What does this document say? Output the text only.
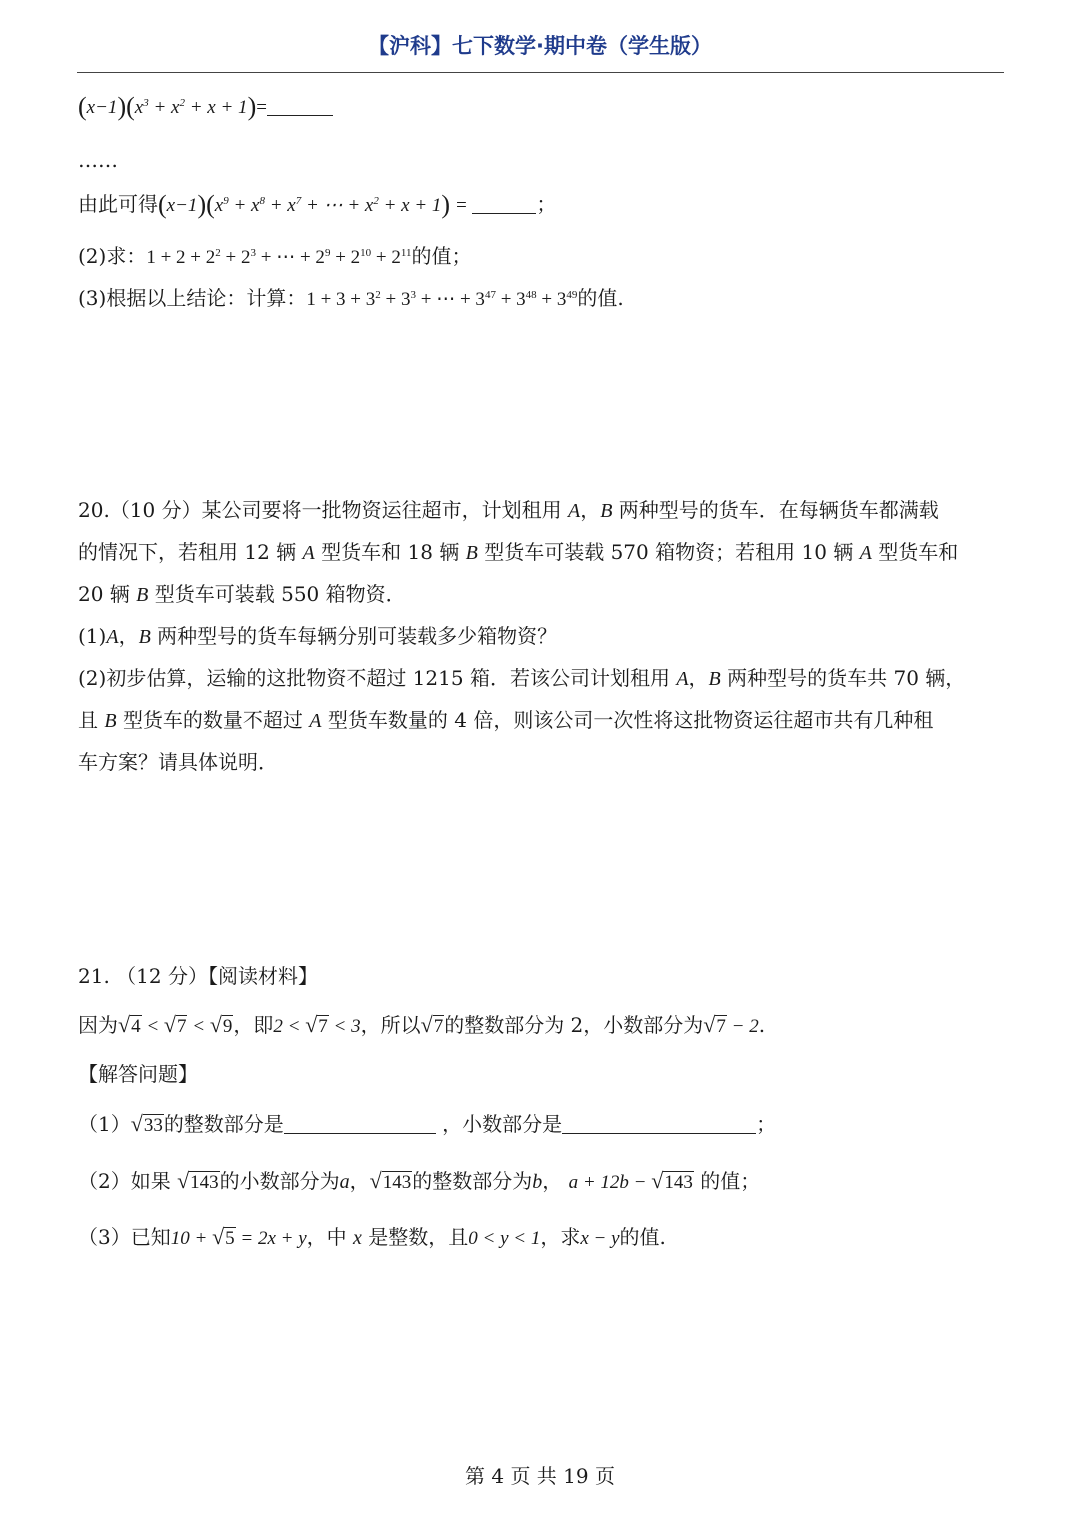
【沪科】七下数学·期中卷（学生版）
$(x-1)(x^3 + x^2 + x + 1)=$
……
由此可得$(x-1)(x^9 + x^8 + x^7$ + ⋯ + $x^2 + x + 1$) =	；
(2)求：$1 + 2 + 2^2 + 2^3$ + ⋯ + $2^9 + 2^{10} + 2^{11}$的值；
(3)根据以上结论：计算：$1 + 3 + 3^2 + 3^3$ + ⋯ + $3^{47} + 3^{48} + 3^{49}$的值.
20.（10 分）某公司要将一批物资运往超市，计划租用 A，B 两种型号的货车．在每辆货车都满载
的情况下，若租用 12 辆 A 型货车和 18 辆 B 型货车可装载 570 箱物资；若租用 10 辆 A 型货车和
20 辆 B 型货车可装载 550 箱物资．
(1)A，B 两种型号的货车每辆分别可装载多少箱物资？
(2)初步估算，运输的这批物资不超过 1215 箱．若该公司计划租用 A，B 两种型号的货车共 70 辆，
且 B 型货车的数量不超过 A 型货车数量的 4 倍，则该公司一次性将这批物资运往超市共有几种租
车方案？请具体说明．
21. （12 分）【阅读材料】
因为√4 < √7 < √9，即2 < √7 < 3，所以√7的整数部分为 2，小数部分为√7 − 2.
【解答问题】
（1）√33的整数部分是	，小数部分是	；
（2）如果 √143的小数部分为a，√143的整数部分为b， a + 12b − √143 的值；
（3）已知10 + √5 = 2x + y，中 x 是整数，且0 < y < 1，求x − y的值.
第 4 页 共 19 页
